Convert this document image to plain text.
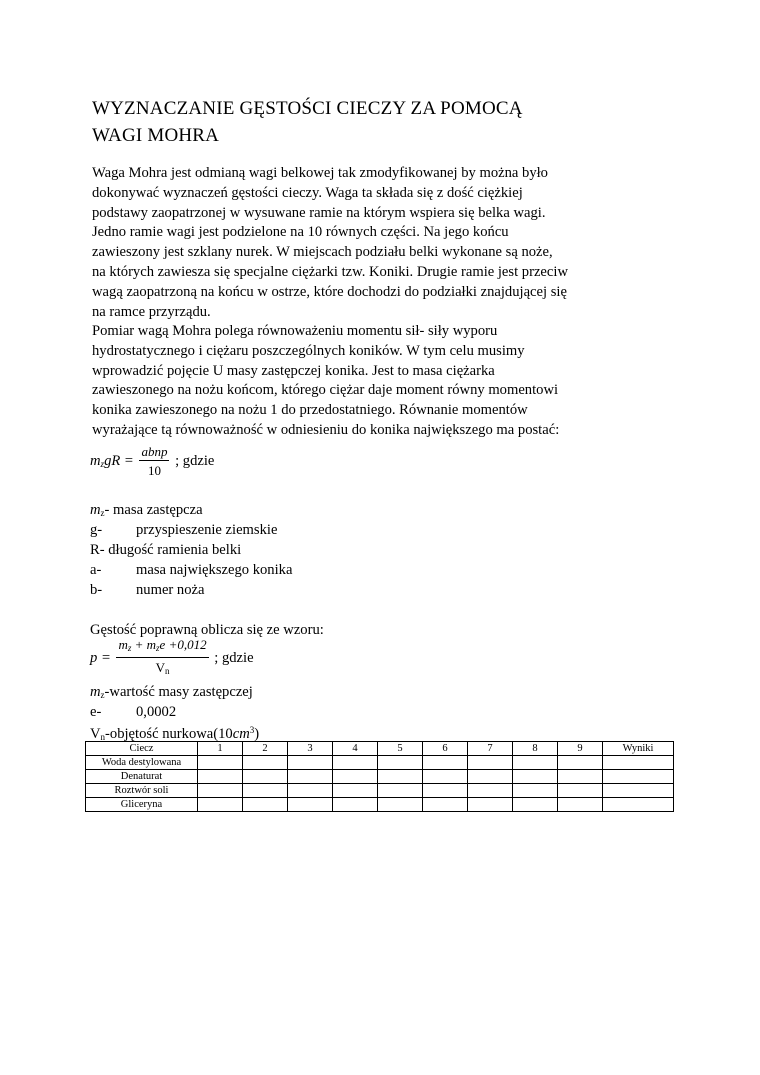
WYZNACZANIE GĘSTOŚCI CIECZY ZA POMOCĄ
WAGI MOHRA
Waga Mohra jest odmianą wagi belkowej tak zmodyfikowanej by można było
dokonywać wyznaczeń gęstości cieczy. Waga ta składa się z dość ciężkiej
podstawy zaopatrzonej w wysuwane ramie na którym wspiera się belka wagi.
Jedno ramie wagi jest podzielone na 10 równych części. Na jego końcu
zawieszony jest szklany nurek. W miejscach podziału belki wykonane są noże,
na których zawiesza się specjalne ciężarki tzw. Koniki. Drugie ramie jest przeciw
wagą zaopatrzoną na końcu w ostrze, które dochodzi do podziałki znajdującej się
na ramce przyrządu.
Pomiar wagą Mohra polega równoważeniu momentu sił- siły wyporu
hydrostatycznego i ciężaru poszczególnych koników. W tym celu musimy
wprowadzić pojęcie U masy zastępczej konika. Jest to masa ciężarka
zawieszonego na nożu końcom, którego ciężar daje moment równy momentowi
konika zawieszonego na nożu 1 do przedostatniego. Równanie momentów
wyrażające tą równoważność w odniesieniu do konika największego ma postać:
$m_zgR = \frac{\text{abnp}}{10}$ ; gdzie
$m_z-$ masa zastępcza
g- przyspieszenie ziemskie
R- długość ramienia belki
a- masa największego konika
b- numer noża
Gęstość poprawną oblicza się ze wzoru:
$p = \frac{m_z + m_ze +0,012}{V_n}$ ; gdzie
$m_z$-wartość masy zastępczej
e- 0,0002
$V_n$-objętość $nurkowa(10cm^3)$
Ciecz	1	2	3	4	5	6	7	8	9	Wyniki
Woda destylowana										
Denaturat										
Roztwór soli										
Gliceryna										
